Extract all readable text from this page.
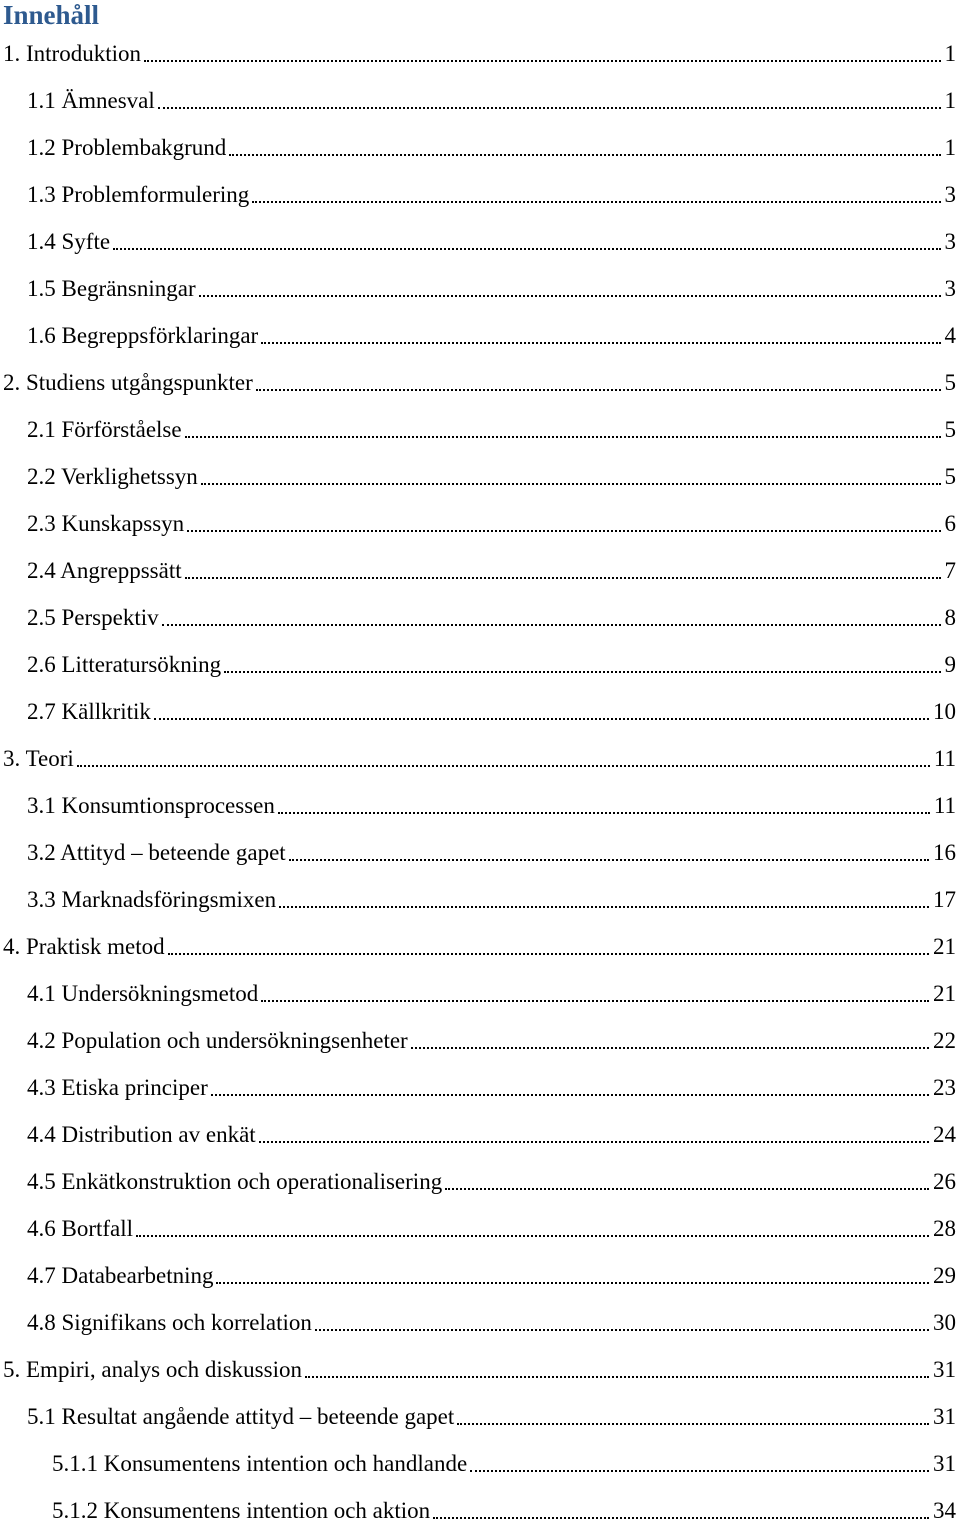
Innehåll
1. Introduktion	1
1.1 Ämnesval	1
1.2 Problembakgrund	1
1.3 Problemformulering	3
1.4 Syfte	3
1.5 Begränsningar	3
1.6 Begreppsförklaringar	4
2. Studiens utgångspunkter	5
2.1 Förförståelse	5
2.2 Verklighetssyn	5
2.3 Kunskapssyn	6
2.4 Angreppssätt	7
2.5 Perspektiv	8
2.6 Litteratursökning	9
2.7 Källkritik	10
3. Teori	11
3.1 Konsumtionsprocessen	11
3.2 Attityd – beteende gapet	16
3.3 Marknadsföringsmixen	17
4. Praktisk metod	21
4.1 Undersökningsmetod	21
4.2 Population och undersökningsenheter	22
4.3 Etiska principer	23
4.4 Distribution av enkät	24
4.5 Enkätkonstruktion och operationalisering	26
4.6 Bortfall	28
4.7 Databearbetning	29
4.8 Signifikans och korrelation	30
5. Empiri, analys och diskussion	31
5.1 Resultat angående attityd – beteende gapet	31
5.1.1 Konsumentens intention och handlande	31
5.1.2 Konsumentens intention och aktion	34
